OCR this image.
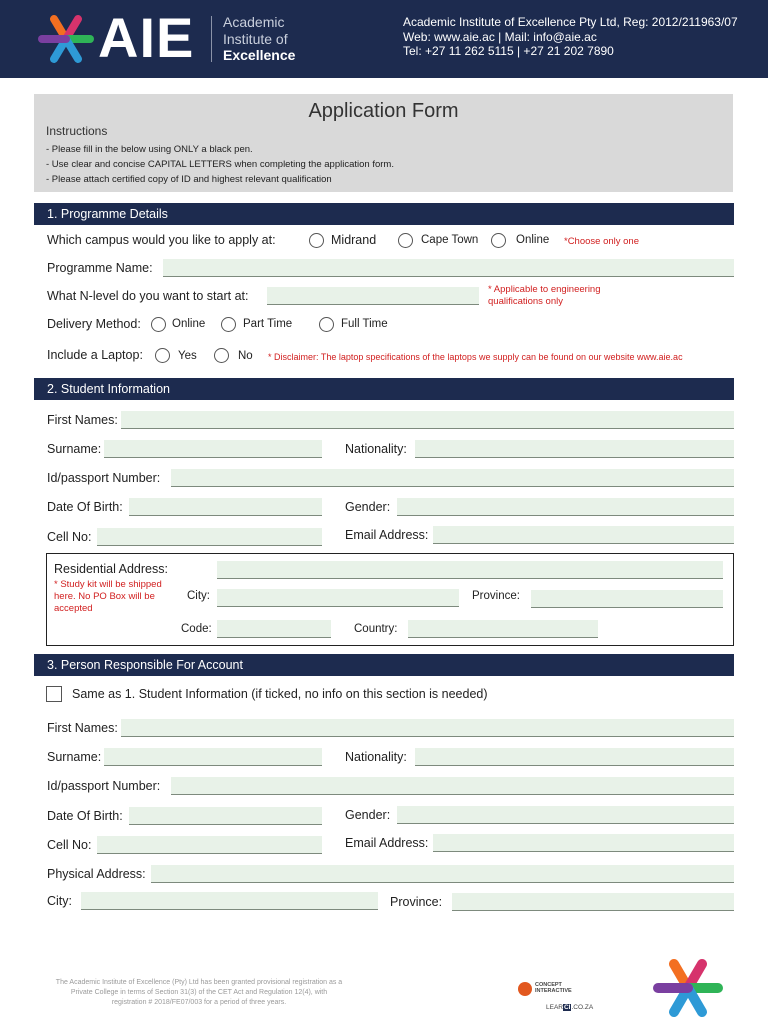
AIE Academic
Institute of
Excellence
Academic Institute of Excellence Pty Ltd, Reg: 2012/211963/07
Web: www.aie.ac | Mail: info@aie.ac
Tel: +27 11 262 5115 | +27 21 202 7890
Application Form
Instructions
- Please fill in the below using ONLY a black pen.
- Use clear and concise CAPITAL LETTERS when completing the application form.
- Please attach certified copy of ID and highest relevant qualification
1. Programme Details
Which campus would you like to apply at:	Midrand	Cape Town	Online *Choose only one
Programme Name:
What N-level do you want to start at:	* Applicable to engineering
qualifications only
Delivery Method:	Online	Part Time	Full Time
Include a Laptop:	Yes	No * Disclaimer: The laptop specifications of the laptops we supply can be found on our website www.aie.ac
2. Student Information
First Names:
Surname:	Nationality:
Id/passport Number:
Date Of Birth:	Gender:
Cell No:	Email Address:
Residential Address:
* Study kit will be shipped
here. No PO Box will be
accepted
City:	Province:
Code:	Country:
3. Person Responsible For Account
Same as 1. Student Information (if ticked, no info on this section is needed)
First Names:
Surname:	Nationality:
Id/passport Number:
Date Of Birth:	Gender:
Cell No:	Email Address:
Physical Address:
City:	Province:
The Academic Institute of Excellence (Pty) Ltd has been granted provisional registration as a
Private College in terms of Section 31(3) of the CET Act and Regulation 12(4), with
registration # 2018/FE07/003 for a period of three years.
CONCEPT
INTERACTIVE
LEARCI.CO.ZA
